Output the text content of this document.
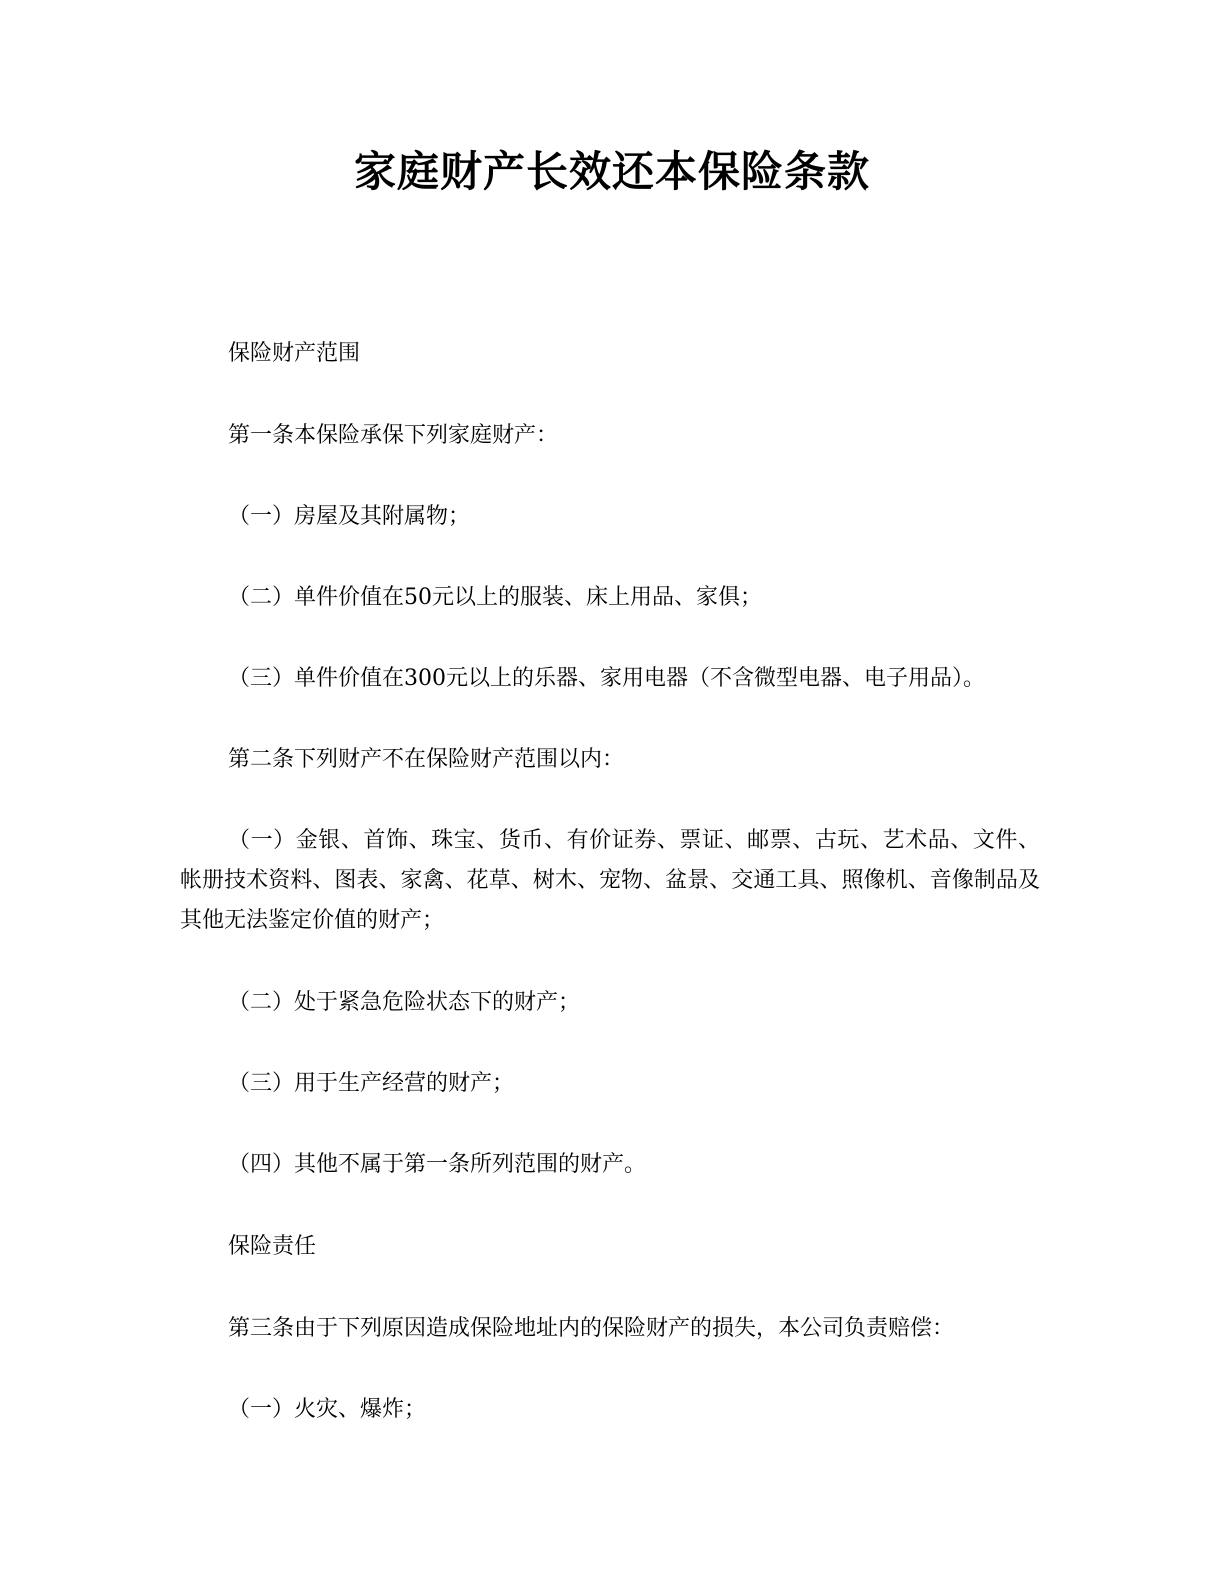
家庭财产长效还本保险条款

保险财产范围

第一条本保险承保下列家庭财产：

（一）房屋及其附属物；

（二）单件价值在50元以上的服装、床上用品、家俱；

（三）单件价值在300元以上的乐器、家用电器（不含微型电器、电子用品）。

第二条下列财产不在保险财产范围以内：

（一）金银、首饰、珠宝、货币、有价证券、票证、邮票、古玩、艺术品、文件、帐册技术资料、图表、家禽、花草、树木、宠物、盆景、交通工具、照像机、音像制品及其他无法鉴定价值的财产；

（二）处于紧急危险状态下的财产；

（三）用于生产经营的财产；

（四）其他不属于第一条所列范围的财产。

保险责任

第三条由于下列原因造成保险地址内的保险财产的损失，本公司负责赔偿：

（一）火灾、爆炸；
